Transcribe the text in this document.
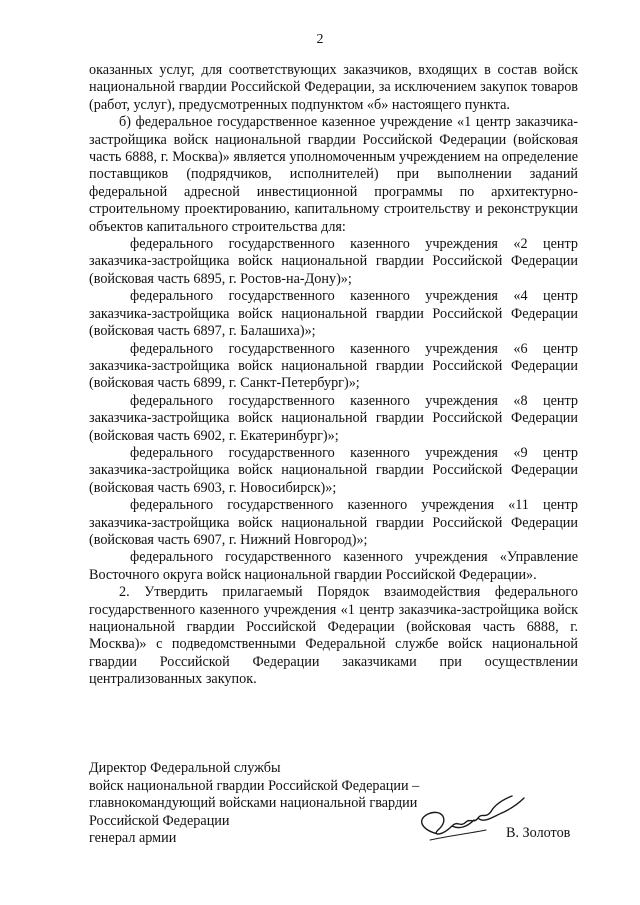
2

оказанных услуг, для соответствующих заказчиков, входящих в состав войск национальной гвардии Российской Федерации, за исключением закупок товаров (работ, услуг), предусмотренных подпунктом «б» настоящего пункта.

б) федеральное государственное казенное учреждение «1 центр заказчика-застройщика войск национальной гвардии Российской Федерации (войсковая часть 6888, г. Москва)» является уполномоченным учреждением на определение поставщиков (подрядчиков, исполнителей) при выполнении заданий федеральной адресной инвестиционной программы по архитектурно-строительному проектированию, капитальному строительству и реконструкции объектов капитального строительства для:

федерального государственного казенного учреждения «2 центр заказчика-застройщика войск национальной гвардии Российской Федерации (войсковая часть 6895, г. Ростов-на-Дону)»;

федерального государственного казенного учреждения «4 центр заказчика-застройщика войск национальной гвардии Российской Федерации (войсковая часть 6897, г. Балашиха)»;

федерального государственного казенного учреждения «6 центр заказчика-застройщика войск национальной гвардии Российской Федерации (войсковая часть 6899, г. Санкт-Петербург)»;

федерального государственного казенного учреждения «8 центр заказчика-застройщика войск национальной гвардии Российской Федерации (войсковая часть 6902, г. Екатеринбург)»;

федерального государственного казенного учреждения «9 центр заказчика-застройщика войск национальной гвардии Российской Федерации (войсковая часть 6903, г. Новосибирск)»;

федерального государственного казенного учреждения «11 центр заказчика-застройщика войск национальной гвардии Российской Федерации (войсковая часть 6907, г. Нижний Новгород)»;

федерального государственного казенного учреждения «Управление Восточного округа войск национальной гвардии Российской Федерации».

2. Утвердить прилагаемый Порядок взаимодействия федерального государственного казенного учреждения «1 центр заказчика-застройщика войск национальной гвардии Российской Федерации (войсковая часть 6888, г. Москва)» с подведомственными Федеральной службе войск национальной гвардии Российской Федерации заказчиками при осуществлении централизованных закупок.

Директор Федеральной службы
войск национальной гвардии Российской Федерации –
главнокомандующий войсками национальной гвардии
Российской Федерации
генерал армии	В. Золотов
